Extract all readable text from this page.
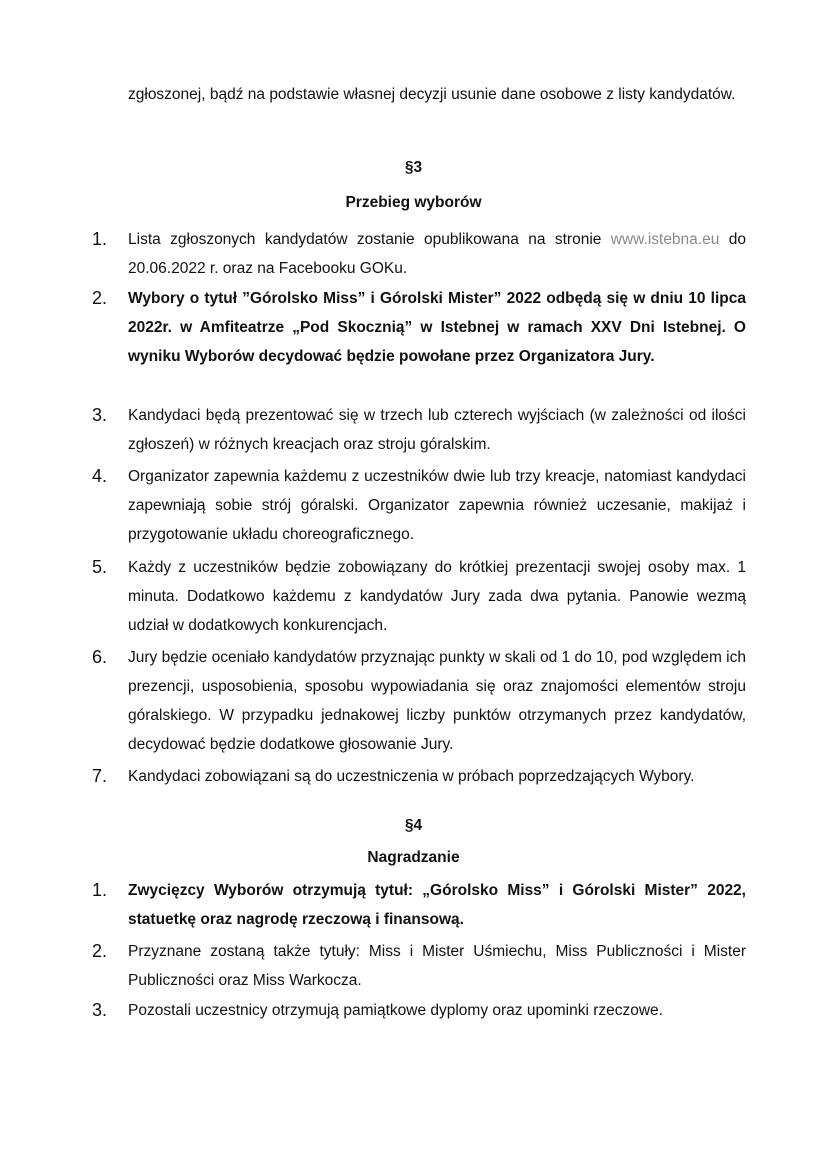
zgłoszonej, bądź na podstawie własnej decyzji usunie dane osobowe z listy kandydatów.

§3
Przebieg wyborów
1.	Lista zgłoszonych kandydatów zostanie opublikowana na stronie www.istebna.eu do 20.06.2022 r. oraz na Facebooku GOKu.
2.	Wybory o tytuł ”Górolsko Miss” i Górolski Mister” 2022 odbędą się w dniu 10 lipca 2022r. w Amfiteatrze „Pod Skocznią” w Istebnej w ramach XXV Dni Istebnej. O wyniku Wyborów decydować będzie powołane przez Organizatora Jury.
3.	Kandydaci będą prezentować się w trzech lub czterech wyjściach (w zależności od ilości zgłoszeń) w różnych kreacjach oraz stroju góralskim.
4.	Organizator zapewnia każdemu z uczestników dwie lub trzy kreacje, natomiast kandydaci zapewniają sobie strój góralski. Organizator zapewnia również uczesanie, makijaż i przygotowanie układu choreograficznego.
5.	Każdy z uczestników będzie zobowiązany do krótkiej prezentacji swojej osoby max. 1 minuta. Dodatkowo każdemu z kandydatów Jury zada dwa pytania. Panowie wezmą udział w dodatkowych konkurencjach.
6.	Jury będzie oceniało kandydatów przyznając punkty w skali od 1 do 10, pod względem ich prezencji, usposobienia, sposobu wypowiadania się oraz znajomości elementów stroju góralskiego. W przypadku jednakowej liczby punktów otrzymanych przez kandydatów, decydować będzie dodatkowe głosowanie Jury.
7.	Kandydaci zobowiązani są do uczestniczenia w próbach poprzedzających Wybory.
§4
Nagradzanie
1.	Zwycięzcy Wyborów otrzymują tytuł: „Górolsko Miss” i Górolski Mister” 2022, statuetkę oraz nagrodę rzeczową i finansową.
2.	Przyznane zostaną także tytuły: Miss i Mister Uśmiechu, Miss Publiczności i Mister Publiczności oraz Miss Warkocza.
3.	Pozostali uczestnicy otrzymują pamiątkowe dyplomy oraz upominki rzeczowe.
